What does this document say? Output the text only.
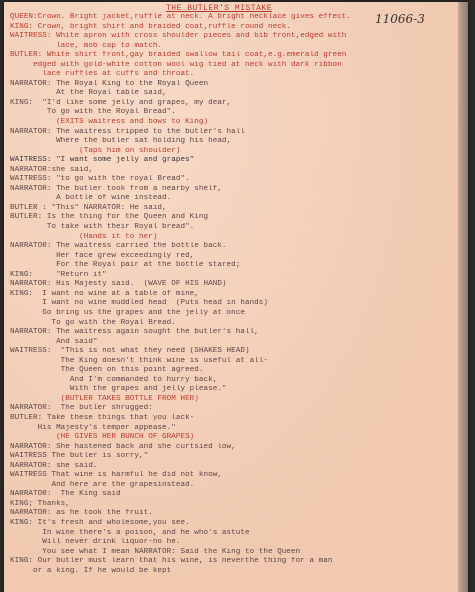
THE BUTLER'S MISTAKE
11066-3
QUEEN:Crown. Bright jacket,ruffle at neck. A bright necklace gives effect.
KING: Crown, bright shirt and braided coat,ruffle round neck.
WAITRESS: White apron with cross shoulder pieces and bib front,edged with
lace, mob cap to match.
BUTLER: White shirt front,gay braided swallow tail coat,e.g.emerald green
edged with gold-white cotton wool wig tied at neck with dark ribbon
lace ruffles at cuffs and throat.
NARRATOR: The Royal King to the Royal Queen
At the Royal table said,
KING:  "I'd like some jelly and grapes, my dear,
To go with the Royal Bread".
(EXITS waitress and bows to King)
NARRATOR: The waitress tripped to the butler's hall
Where the butler sat holding his head,
(Taps him on shoulder)
WAITRESS: "I want some jelly and grapes"
NARRATOR:she said,
WAITRESS: "to go with the royal Bread".
NARRATOR: The butler took from a nearby shelf,
A bottle of wine instead.
BUTLER : "This" NARRATOR: He said,
BUTLER: Is the thing for the Queen and King
To take with their Royal bread".
(Hands it to her)
NARRATOR: The waitress carried the bottle back.
Her face grew exceedingly red,
For the Royal pair at the bottle stared;
KING:     "Return it"
NARRATOR: His Majesty said.  (WAVE OF HIS HAND)
KING:  I want no wine at a table of mine,
I want no wine muddled head  (Puts head in hands)
Go bring us the grapes and the jelly at once
To go with the Royal Bread.
NARRATOR: The waitress again sought the butler's hall,
And said"
WAITRESS:  "This is not what they need (SHAKES HEAD)
The King doesn't think wine is useful at all-
The Queen on this point agreed.
And I'm commanded to hurry back,
With the grapes and jelly please."
(BUTLER TAKES BOTTLE FROM HER)
NARRATOR:  The butler shrugged:
BUTLER: Take these things that you lack-
His Majesty's temper appease."
(HE GIVES HER BUNCH OF GRAPES)
NARRATOR: She hastened back and she curtsied low,
WAITRESS The butler is sorry,"
NARRATOR: she said.
WAITRESS That wine is harmful he did not know,
And here are the grapesinstead.
NARRATOR:  The King said
KING; Thanks,
NARRATOR: as he took the fruit.
KING: It's fresh and wholesome,you see.
In wine there's a poison, and he who's astute
Will never drink liquor-no he.
You see what I mean NARRATOR: Said the King to the Queen
KING: Our butler must learn that his wine, is neverthe thing for a man
or a king. If he would be kept
